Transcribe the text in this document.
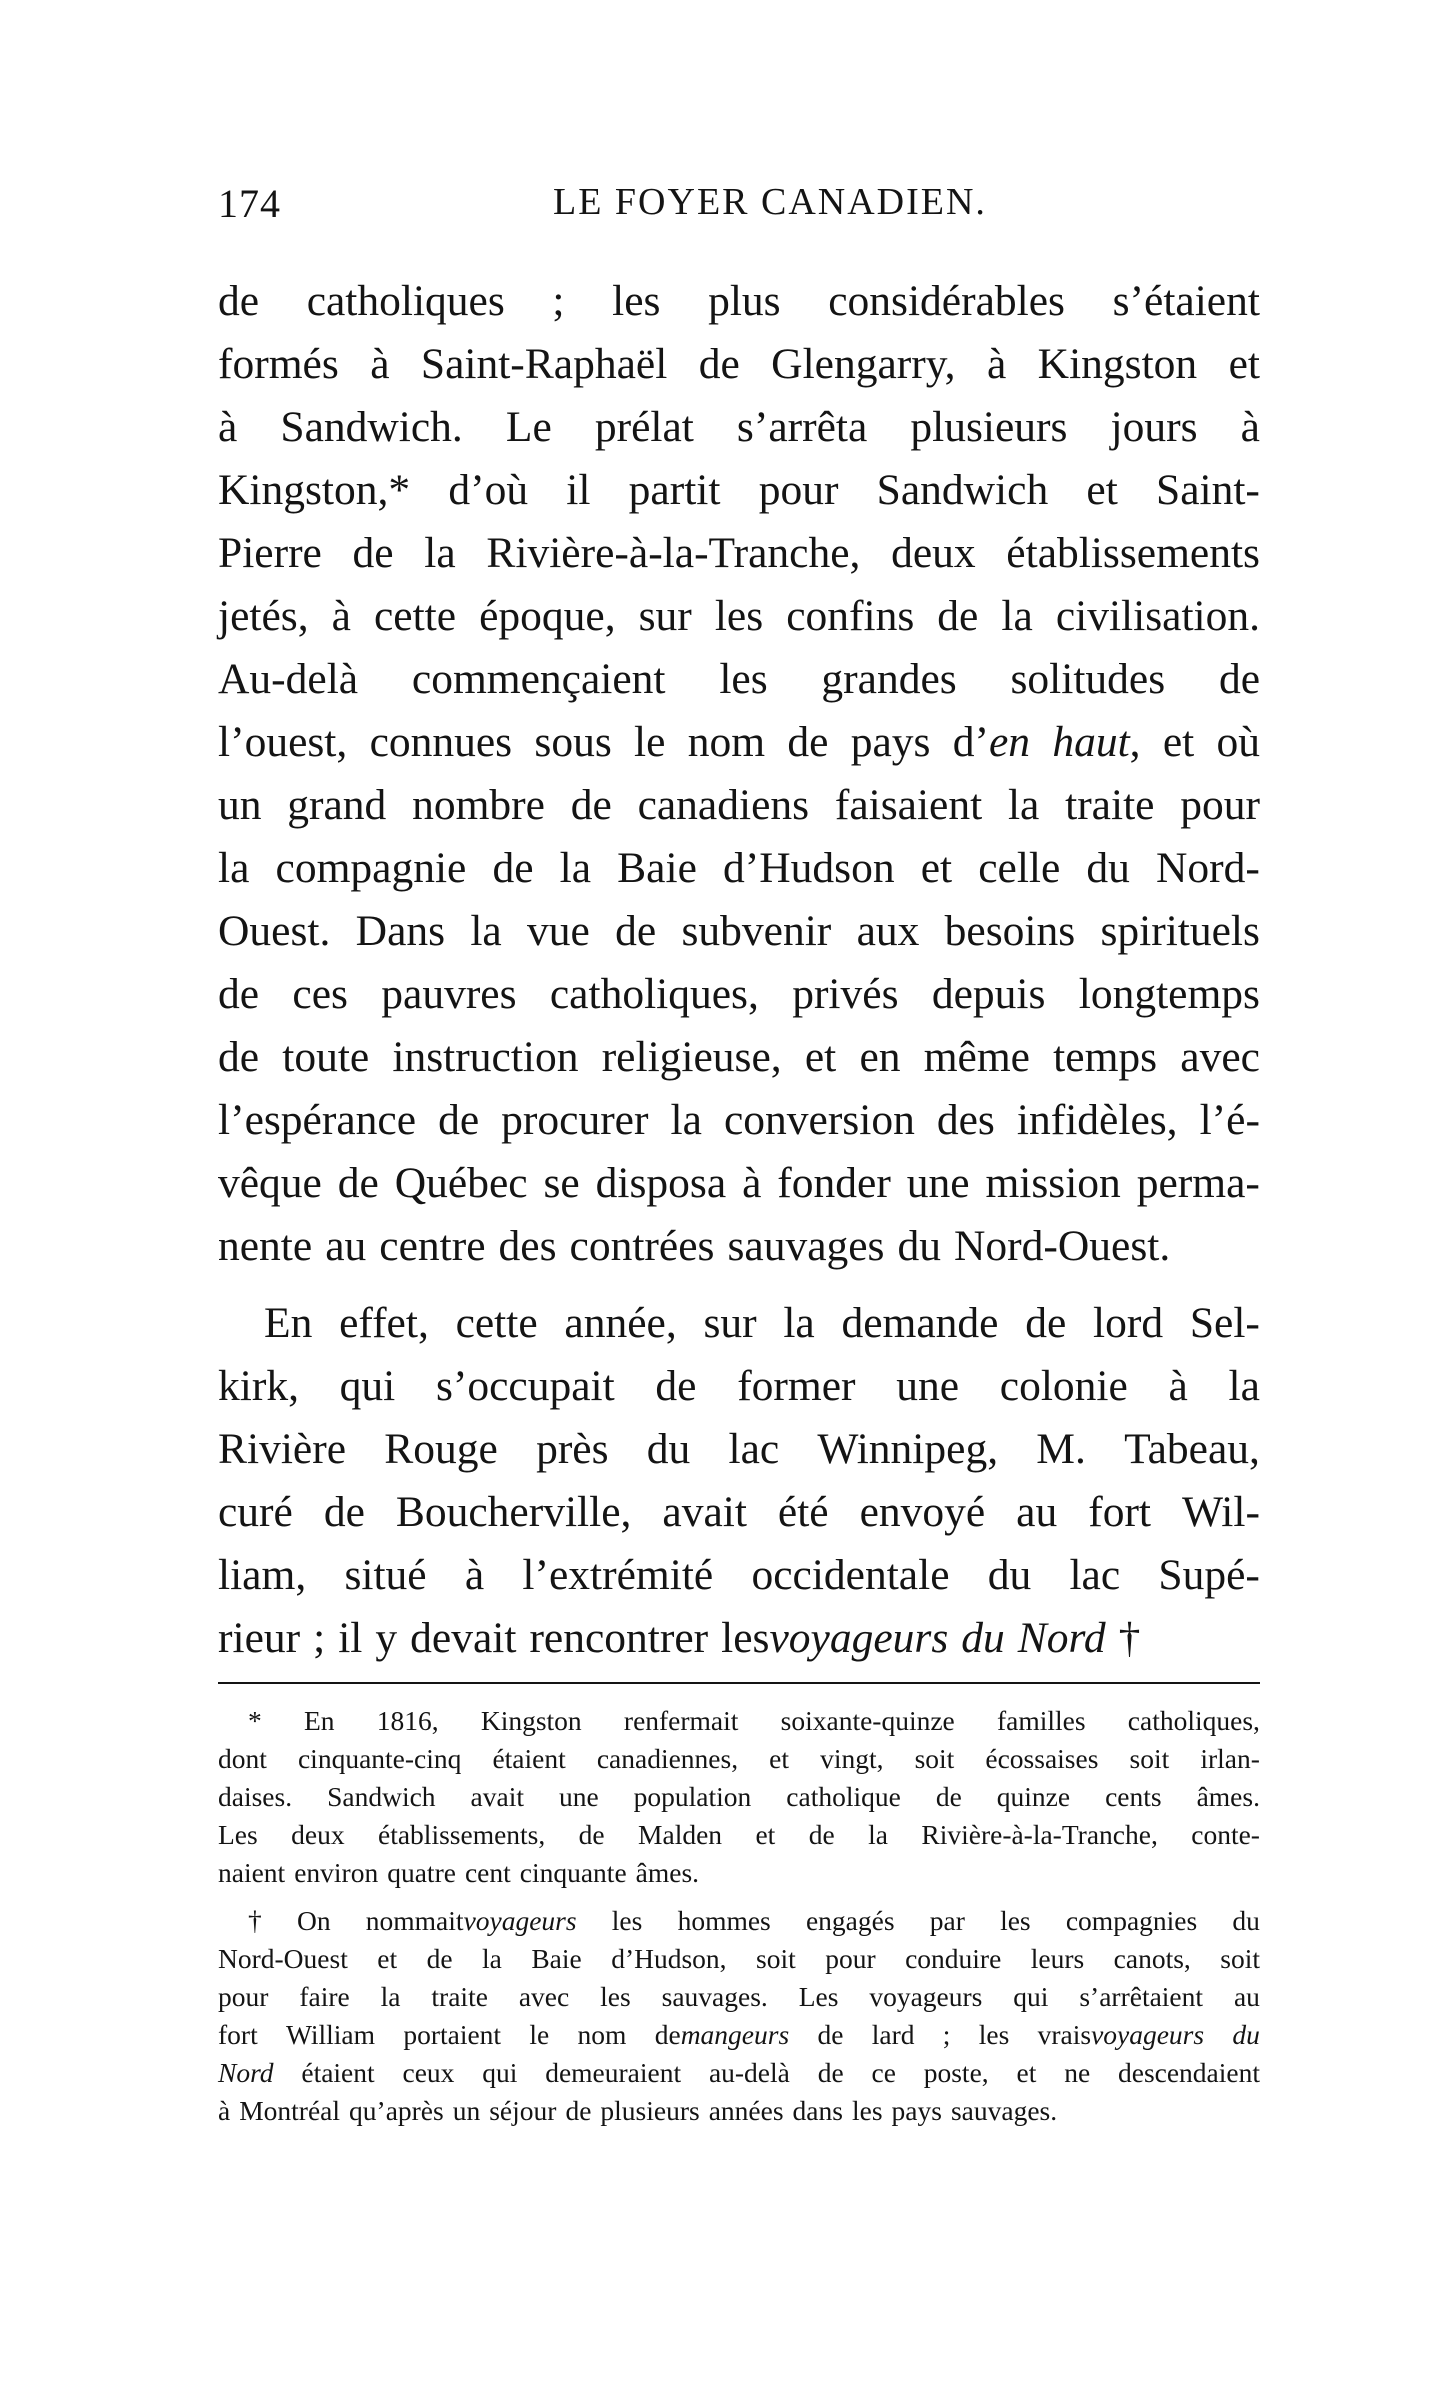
174	LE FOYER CANADIEN.
de catholiques ; les plus considérables s’étaient
formés à Saint-Raphaël de Glengarry, à Kingston et
à Sandwich. Le prélat s’arrêta plusieurs jours à
Kingston,* d’où il partit pour Sandwich et Saint-
Pierre de la Rivière-à-la-Tranche, deux établissements
jetés, à cette époque, sur les confins de la civilisation.
Au-delà commençaient les grandes solitudes de
l’ouest, connues sous le nom de pays d’en haut, et où
un grand nombre de canadiens faisaient la traite pour
la compagnie de la Baie d’Hudson et celle du Nord-
Ouest. Dans la vue de subvenir aux besoins spirituels
de ces pauvres catholiques, privés depuis longtemps
de toute instruction religieuse, et en même temps avec
l’espérance de procurer la conversion des infidèles, l’é-
vêque de Québec se disposa à fonder une mission perma-
nente au centre des contrées sauvages du Nord-Ouest.
En effet, cette année, sur la demande de lord Sel-
kirk, qui s’occupait de former une colonie à la
Rivière Rouge près du lac Winnipeg, M. Tabeau,
curé de Boucherville, avait été envoyé au fort Wil-
liam, situé à l’extrémité occidentale du lac Supé-
rieur ; il y devait rencontrer lesvoyageurs du Nord †
* En 1816, Kingston renfermait soixante-quinze familles catholiques,
dont cinquante-cinq étaient canadiennes, et vingt, soit écossaises soit irlan-
daises. Sandwich avait une population catholique de quinze cents âmes.
Les deux établissements, de Malden et de la Rivière-à-la-Tranche, conte-
naient environ quatre cent cinquante âmes.
† On nommaitvoyageurs les hommes engagés par les compagnies du
Nord-Ouest et de la Baie d’Hudson, soit pour conduire leurs canots, soit
pour faire la traite avec les sauvages. Les voyageurs qui s’arrêtaient au
fort William portaient le nom demangeurs de lard ; les vraisvoyageurs du
Nord étaient ceux qui demeuraient au-delà de ce poste, et ne descendaient
à Montréal qu’après un séjour de plusieurs années dans les pays sauvages.
